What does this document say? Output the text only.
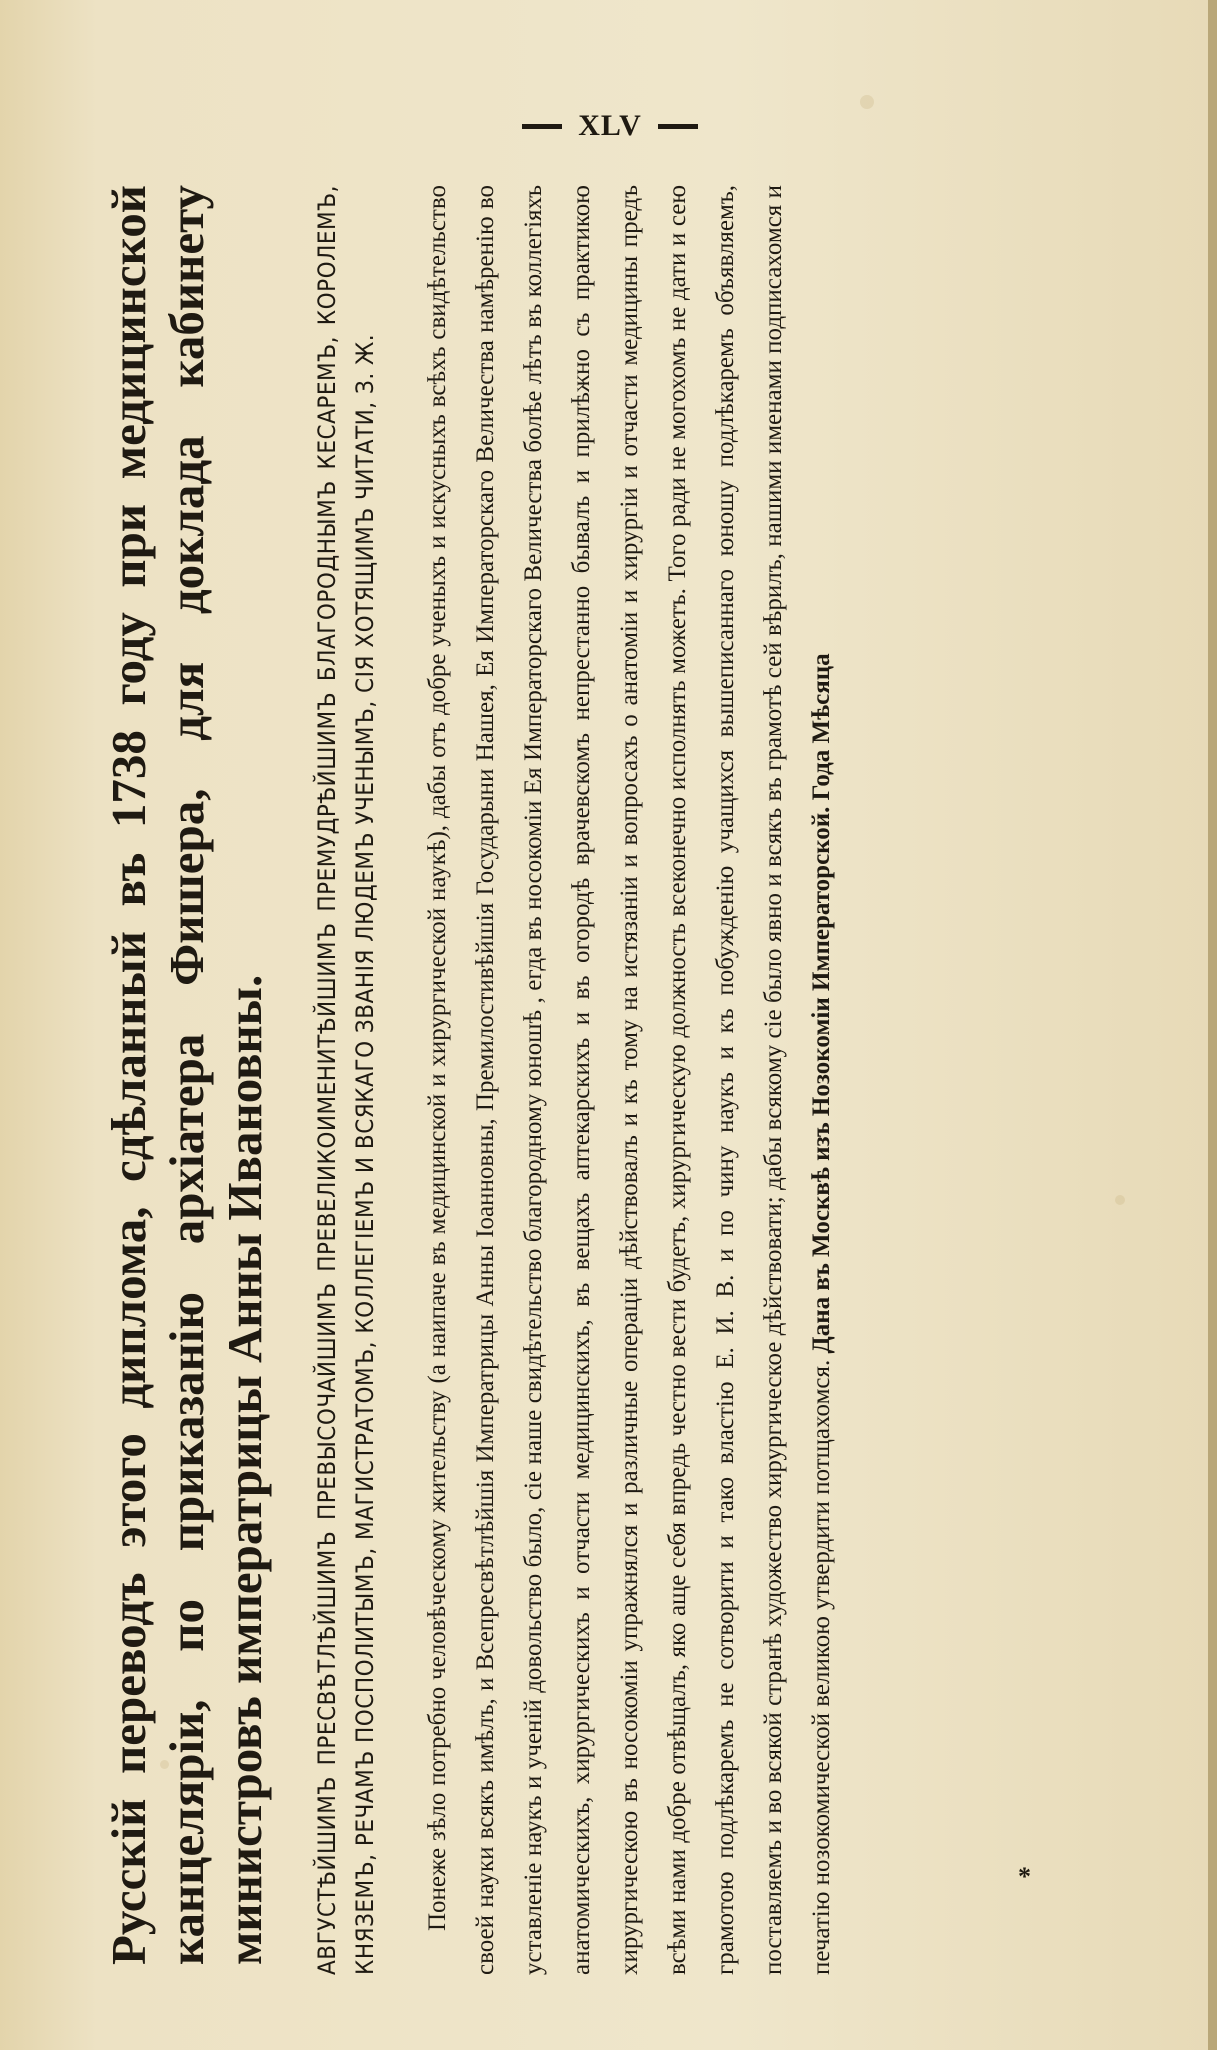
XLV
Русскій переводъ этого диплома, сдѣланный въ 1738 году при медицинской канцеляріи, по приказанію архіатера Фишера, для доклада кабинету министровъ императрицы Анны Ивановны. АВГУСТѢЙШИМЪ ПРЕСВѢТЛѢЙШИМЪ ПРЕВЫСОЧАЙШИМЪ ПРЕВЕЛИКОИМЕНИТѢЙШИМЪ ПРЕМУДРѢЙШИМЪ БЛАГОРОДНЫМЪ КЕСАРЕМЪ, КОРОЛЕМЪ, КНЯЗЕМЪ, РЕЧАМЪ ПОСПОЛИТЫМЪ, МАГИСТРАТОМЪ, КОЛЛЕГІЕМЪ И ВСЯКАГО ЗВАНІЯ ЛЮДЕМЪ УЧЕНЫМЪ, СІЯ ХОТЯЩИМЪ ЧИТАТИ, З. Ж.	Понеже зѣло потребно человѣческому жительству (а наипаче въ медицинской и хирургической наукѣ), дабы отъ добре ученыхъ и искусныхъ всѣхъ свидѣтельство своей науки всякъ имѣлъ, и Всепресвѣтлѣйшія Императрицы Анны Іоанновны, Премилостивѣйшія Государыни Нашея, Ея Императорскаго Величества намѣренію во уставленіе наукъ и ученій довольство было, сіе наше свидѣтельство благородному юношѣ , егда въ носокоміи Ея Императорскаго Величества болѣе лѣтъ въ коллегіяхъ анатомическихъ, хирургическихъ и отчасти медицинскихъ, въ вещахъ аптекарскихъ и въ огородѣ врачевскомъ непрестанно бывалъ и прилѣжно съ практикою хирургическою въ носокоміи упражнялся и различные операціи дѣйствовалъ и къ тому на истязаніи и вопросахъ о анатоміи и хирургіи и отчасти медицины предъ всѣми нами добре отвѣщалъ, яко аще себя впредь честно вести будетъ, хирургическую должность всеконечно исполнять можетъ. Того ради не могохомъ не дати и сею грамотою подлѣкаремъ не сотворити и тако властію Е. И. В. и по чину наукъ и къ побужденію учащихся вышеписаннаго юношу подлѣкаремъ объявляемъ, поставляемъ и во всякой странѣ художество хирургическое дѣйствовати; дабы всякому сіе было явно и всякъ въ грамотѣ сей вѣрилъ, нашими именами подписахомся и печатію нозокомической великою утвердити потщахомся. Дана въ Москвѣ изъ Нозокоміи Императорской. Года Мѣсяца

*
